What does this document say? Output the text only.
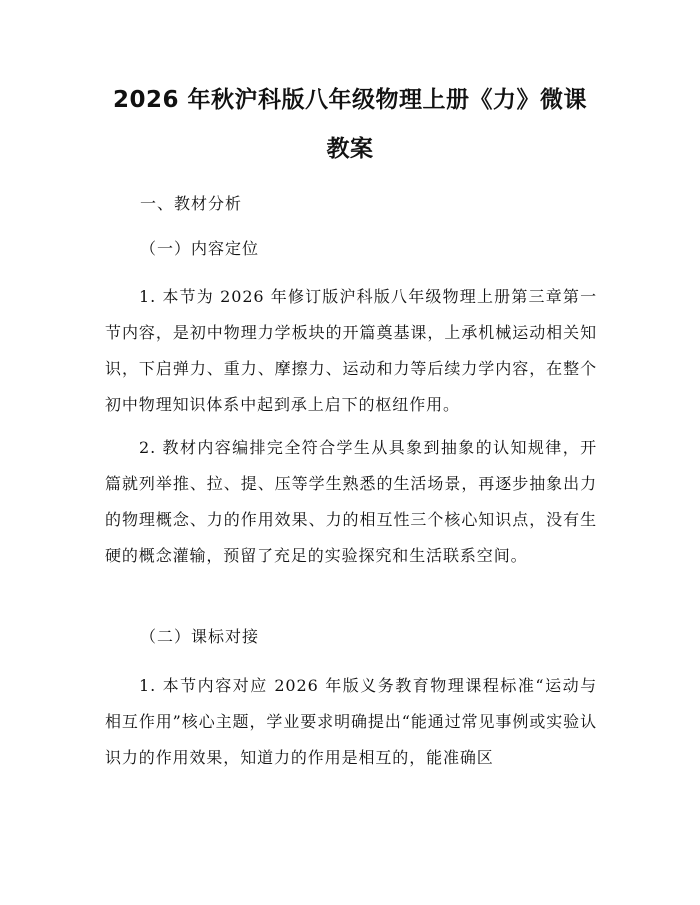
2026 年秋沪科版八年级物理上册《力》微课
教案
一、教材分析
（一）内容定位

1. 本节为 2026 年修订版沪科版八年级物理上册第三章第一节内容，是初中物理力学板块的开篇奠基课，上承机械运动相关知识，下启弹力、重力、摩擦力、运动和力等后续力学内容，在整个初中物理知识体系中起到承上启下的枢纽作用。

2. 教材内容编排完全符合学生从具象到抽象的认知规律，开篇就列举推、拉、提、压等学生熟悉的生活场景，再逐步抽象出力的物理概念、力的作用效果、力的相互性三个核心知识点，没有生硬的概念灌输，预留了充足的实验探究和生活联系空间。

（二）课标对接

1. 本节内容对应 2026 年版义务教育物理课程标准“运动与相互作用”核心主题，学业要求明确提出“能通过常见事例或实验认识力的作用效果，知道力的作用是相互的，能准确区
